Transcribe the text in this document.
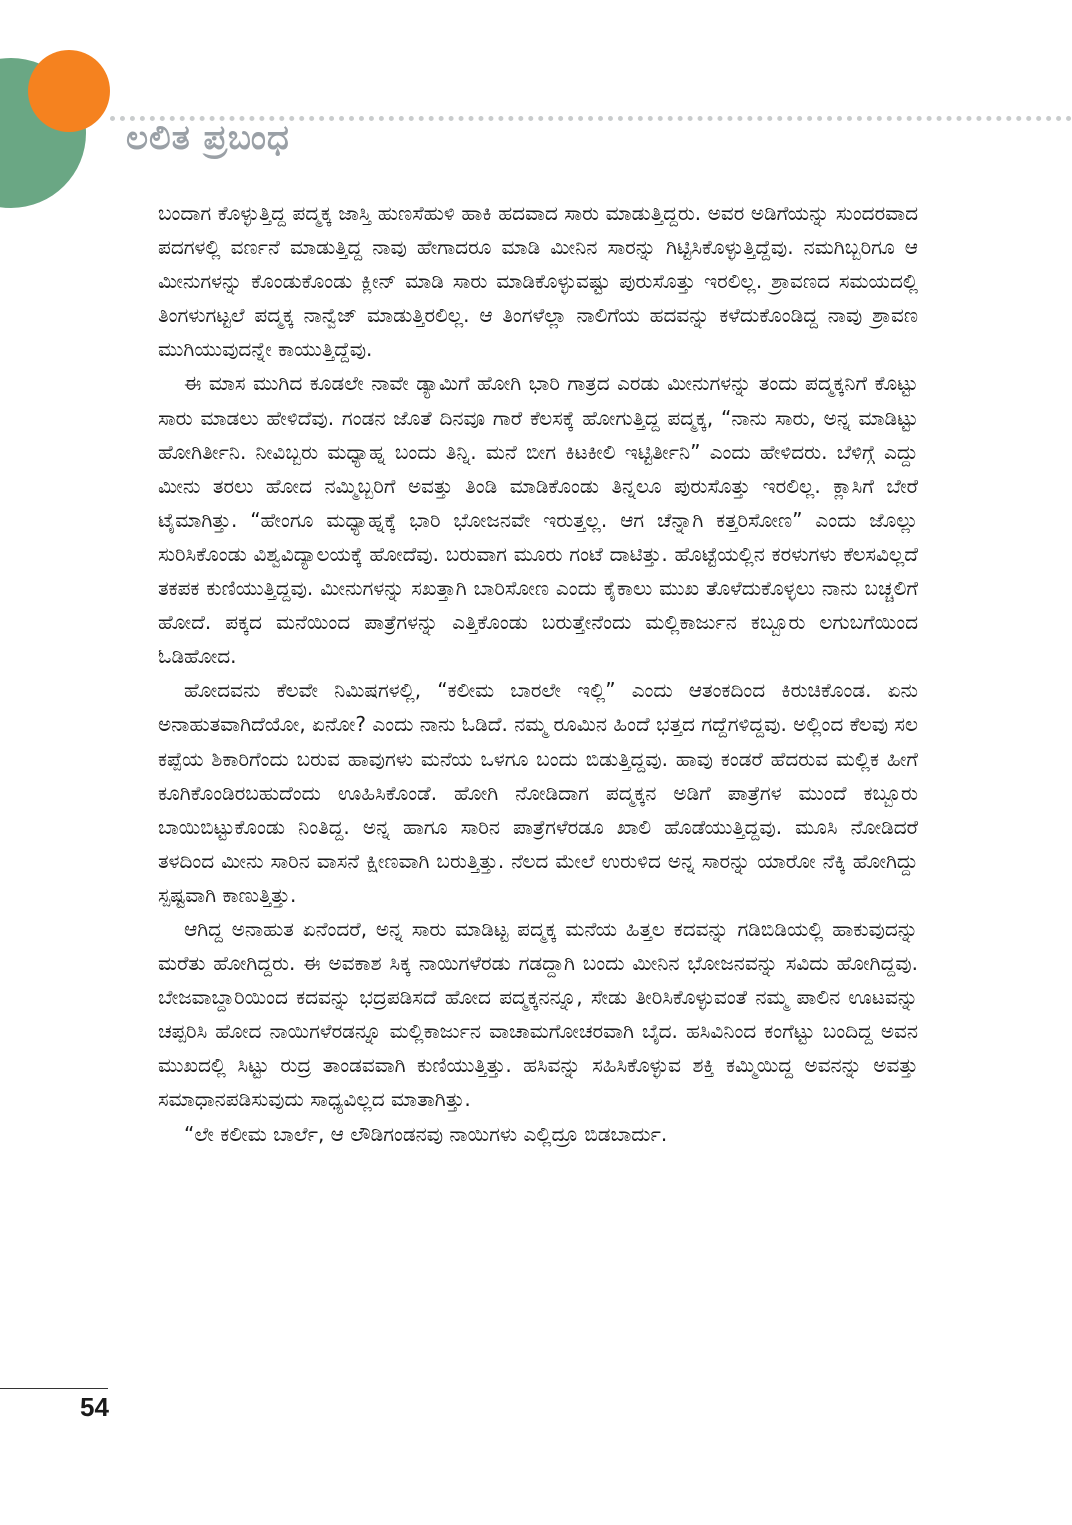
ಲಲಿತ ಪ್ರಬಂಧ

ಬಂದಾಗ ಕೊಳ್ಳುತ್ತಿದ್ದ ಪದ್ಮಕ್ಕ ಜಾಸ್ತಿ ಹುಣಸೆಹುಳಿ ಹಾಕಿ ಹದವಾದ ಸಾರು ಮಾಡುತ್ತಿದ್ದರು. ಅವರ ಅಡಿಗೆಯನ್ನು ಸುಂದರವಾದ ಪದಗಳಲ್ಲಿ ವರ್ಣನೆ ಮಾಡುತ್ತಿದ್ದ ನಾವು ಹೇಗಾದರೂ ಮಾಡಿ ಮೀನಿನ ಸಾರನ್ನು ಗಿಟ್ಟಿಸಿಕೊಳ್ಳುತ್ತಿದ್ದೆವು. ನಮಗಿಬ್ಬರಿಗೂ ಆ ಮೀನುಗಳನ್ನು ಕೊಂಡುಕೊಂಡು ಕ್ಲೀನ್ ಮಾಡಿ ಸಾರು ಮಾಡಿಕೊಳ್ಳುವಷ್ಟು ಪುರುಸೊತ್ತು ಇರಲಿಲ್ಲ. ಶ್ರಾವಣದ ಸಮಯದಲ್ಲಿ ತಿಂಗಳುಗಟ್ಟಲೆ ಪದ್ಮಕ್ಕ ನಾನ್ವೆಜ್ ಮಾಡುತ್ತಿರಲಿಲ್ಲ. ಆ ತಿಂಗಳೆಲ್ಲಾ ನಾಲಿಗೆಯ ಹದವನ್ನು ಕಳೆದುಕೊಂಡಿದ್ದ ನಾವು ಶ್ರಾವಣ ಮುಗಿಯುವುದನ್ನೇ ಕಾಯುತ್ತಿದ್ದೆವು.

ಈ ಮಾಸ ಮುಗಿದ ಕೂಡಲೇ ನಾವೇ ಡ್ಯಾಮಿಗೆ ಹೋಗಿ ಭಾರಿ ಗಾತ್ರದ ಎರಡು ಮೀನುಗಳನ್ನು ತಂದು ಪದ್ಮಕ್ಕನಿಗೆ ಕೊಟ್ಟು ಸಾರು ಮಾಡಲು ಹೇಳಿದೆವು. ಗಂಡನ ಜೊತೆ ದಿನವೂ ಗಾರೆ ಕೆಲಸಕ್ಕೆ ಹೋಗುತ್ತಿದ್ದ ಪದ್ಮಕ್ಕ, “ನಾನು ಸಾರು, ಅನ್ನ ಮಾಡಿಟ್ಟು ಹೋಗಿರ್ತೀನಿ. ನೀವಿಬ್ಬರು ಮಧ್ಯಾಹ್ನ ಬಂದು ತಿನ್ನಿ. ಮನೆ ಬೀಗ ಕಿಟಕೀಲಿ ಇಟ್ಟಿರ್ತೀನಿ” ಎಂದು ಹೇಳಿದರು. ಬೆಳಿಗ್ಗೆ ಎದ್ದು ಮೀನು ತರಲು ಹೋದ ನಮ್ಮಿಬ್ಬರಿಗೆ ಅವತ್ತು ತಿಂಡಿ ಮಾಡಿಕೊಂಡು ತಿನ್ನಲೂ ಪುರುಸೊತ್ತು ಇರಲಿಲ್ಲ. ಕ್ಲಾಸಿಗೆ ಬೇರೆ ಟೈಮಾಗಿತ್ತು. “ಹೇಂಗೂ ಮಧ್ಯಾಹ್ನಕ್ಕೆ ಭಾರಿ ಭೋಜನವೇ ಇರುತ್ತಲ್ಲ. ಆಗ ಚೆನ್ನಾಗಿ ಕತ್ತರಿಸೋಣ” ಎಂದು ಜೊಲ್ಲು ಸುರಿಸಿಕೊಂಡು ವಿಶ್ವವಿದ್ಯಾಲಯಕ್ಕೆ ಹೋದೆವು. ಬರುವಾಗ ಮೂರು ಗಂಟೆ ದಾಟಿತ್ತು. ಹೊಟ್ಟೆಯಲ್ಲಿನ ಕರಳುಗಳು ಕೆಲಸವಿಲ್ಲದೆ ತಕಪಕ ಕುಣಿಯುತ್ತಿದ್ದವು. ಮೀನುಗಳನ್ನು ಸಖತ್ತಾಗಿ ಬಾರಿಸೋಣ ಎಂದು ಕೈಕಾಲು ಮುಖ ತೊಳೆದುಕೊಳ್ಳಲು ನಾನು ಬಚ್ಚಲಿಗೆ ಹೋದೆ. ಪಕ್ಕದ ಮನೆಯಿಂದ ಪಾತ್ರೆಗಳನ್ನು ಎತ್ತಿಕೊಂಡು ಬರುತ್ತೇನೆಂದು ಮಲ್ಲಿಕಾರ್ಜುನ ಕಬ್ಬೂರು ಲಗುಬಗೆಯಿಂದ ಓಡಿಹೋದ.

ಹೋದವನು ಕೆಲವೇ ನಿಮಿಷಗಳಲ್ಲಿ, “ಕಲೀಮ ಬಾರಲೇ ಇಲ್ಲಿ” ಎಂದು ಆತಂಕದಿಂದ ಕಿರುಚಿಕೊಂಡ. ಏನು ಅನಾಹುತವಾಗಿದೆಯೋ, ಏನೋ? ಎಂದು ನಾನು ಓಡಿದೆ. ನಮ್ಮ ರೂಮಿನ ಹಿಂದೆ ಭತ್ತದ ಗದ್ದೆಗಳಿದ್ದವು. ಅಲ್ಲಿಂದ ಕೆಲವು ಸಲ ಕಪ್ಪೆಯ ಶಿಕಾರಿಗೆಂದು ಬರುವ ಹಾವುಗಳು ಮನೆಯ ಒಳಗೂ ಬಂದು ಬಿಡುತ್ತಿದ್ದವು. ಹಾವು ಕಂಡರೆ ಹೆದರುವ ಮಲ್ಲಿಕ ಹೀಗೆ ಕೂಗಿಕೊಂಡಿರಬಹುದೆಂದು ಊಹಿಸಿಕೊಂಡೆ. ಹೋಗಿ ನೋಡಿದಾಗ ಪದ್ಮಕ್ಕನ ಅಡಿಗೆ ಪಾತ್ರೆಗಳ ಮುಂದೆ ಕಬ್ಬೂರು ಬಾಯಿಬಿಟ್ಟುಕೊಂಡು ನಿಂತಿದ್ದ. ಅನ್ನ ಹಾಗೂ ಸಾರಿನ ಪಾತ್ರೆಗಳೆರಡೂ ಖಾಲಿ ಹೊಡೆಯುತ್ತಿದ್ದವು. ಮೂಸಿ ನೋಡಿದರೆ ತಳದಿಂದ ಮೀನು ಸಾರಿನ ವಾಸನೆ ಕ್ಷೀಣವಾಗಿ ಬರುತ್ತಿತ್ತು. ನೆಲದ ಮೇಲೆ ಉರುಳಿದ ಅನ್ನ ಸಾರನ್ನು ಯಾರೋ ನೆಕ್ಕಿ ಹೋಗಿದ್ದು ಸ್ಪಷ್ಟವಾಗಿ ಕಾಣುತ್ತಿತ್ತು.

ಆಗಿದ್ದ ಅನಾಹುತ ಏನೆಂದರೆ, ಅನ್ನ ಸಾರು ಮಾಡಿಟ್ಟ ಪದ್ಮಕ್ಕ ಮನೆಯ ಹಿತ್ತಲ ಕದವನ್ನು ಗಡಿಬಿಡಿಯಲ್ಲಿ ಹಾಕುವುದನ್ನು ಮರೆತು ಹೋಗಿದ್ದರು. ಈ ಅವಕಾಶ ಸಿಕ್ಕ ನಾಯಿಗಳೆರಡು ಗಡದ್ದಾಗಿ ಬಂದು ಮೀನಿನ ಭೋಜನವನ್ನು ಸವಿದು ಹೋಗಿದ್ದವು. ಬೇಜವಾಬ್ದಾರಿಯಿಂದ ಕದವನ್ನು ಭದ್ರಪಡಿಸದೆ ಹೋದ ಪದ್ಮಕ್ಕನನ್ನೂ, ಸೇಡು ತೀರಿಸಿಕೊಳ್ಳುವಂತೆ ನಮ್ಮ ಪಾಲಿನ ಊಟವನ್ನು ಚಪ್ಪರಿಸಿ ಹೋದ ನಾಯಿಗಳೆರಡನ್ನೂ ಮಲ್ಲಿಕಾರ್ಜುನ ವಾಚಾಮಗೋಚರವಾಗಿ ಬೈದ. ಹಸಿವಿನಿಂದ ಕಂಗೆಟ್ಟು ಬಂದಿದ್ದ ಅವನ ಮುಖದಲ್ಲಿ ಸಿಟ್ಟು ರುದ್ರ ತಾಂಡವವಾಗಿ ಕುಣಿಯುತ್ತಿತ್ತು. ಹಸಿವನ್ನು ಸಹಿಸಿಕೊಳ್ಳುವ ಶಕ್ತಿ ಕಮ್ಮಿಯಿದ್ದ ಅವನನ್ನು ಅವತ್ತು ಸಮಾಧಾನಪಡಿಸುವುದು ಸಾಧ್ಯವಿಲ್ಲದ ಮಾತಾಗಿತ್ತು.

“ಲೇ ಕಲೀಮ ಬಾರ್ಲೆ, ಆ ಲೌಡಿಗಂಡನವು ನಾಯಿಗಳು ಎಲ್ಲಿದ್ರೂ ಬಿಡಬಾರ್ದು.

54
